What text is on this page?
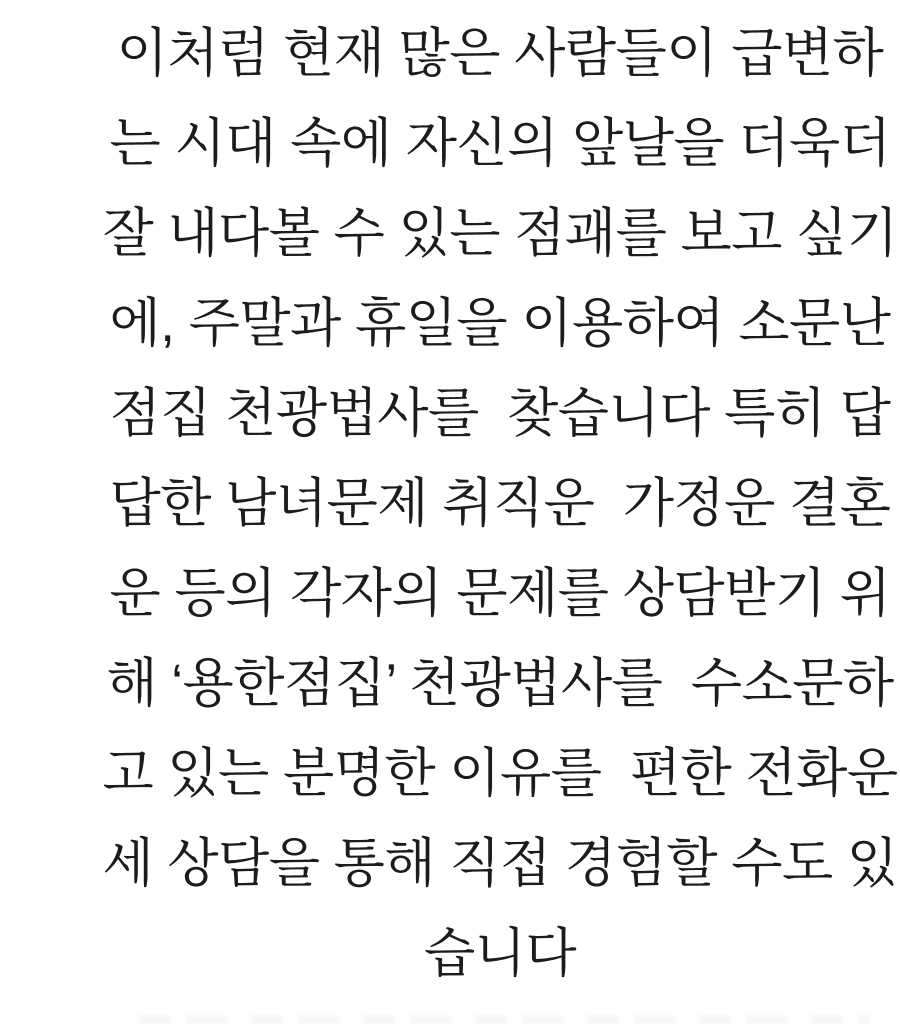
이처럼 현재 많은 사람들이 급변하

는 시대 속에 자신의 앞날을 더욱더

잘 내다볼 수 있는 점괘를 보고 싶기

에, 주말과 휴일을 이용하여 소문난

점집 천광법사를  찾습니다 특히 답

답한 남녀문제 취직운  가정운 결혼

운 등의 각자의 문제를 상담받기 위

해 ‘용한점집’ 천광법사를  수소문하

고 있는 분명한 이유를  편한 전화운

세 상담을 통해 직접 경험할 수도 있

습니다
